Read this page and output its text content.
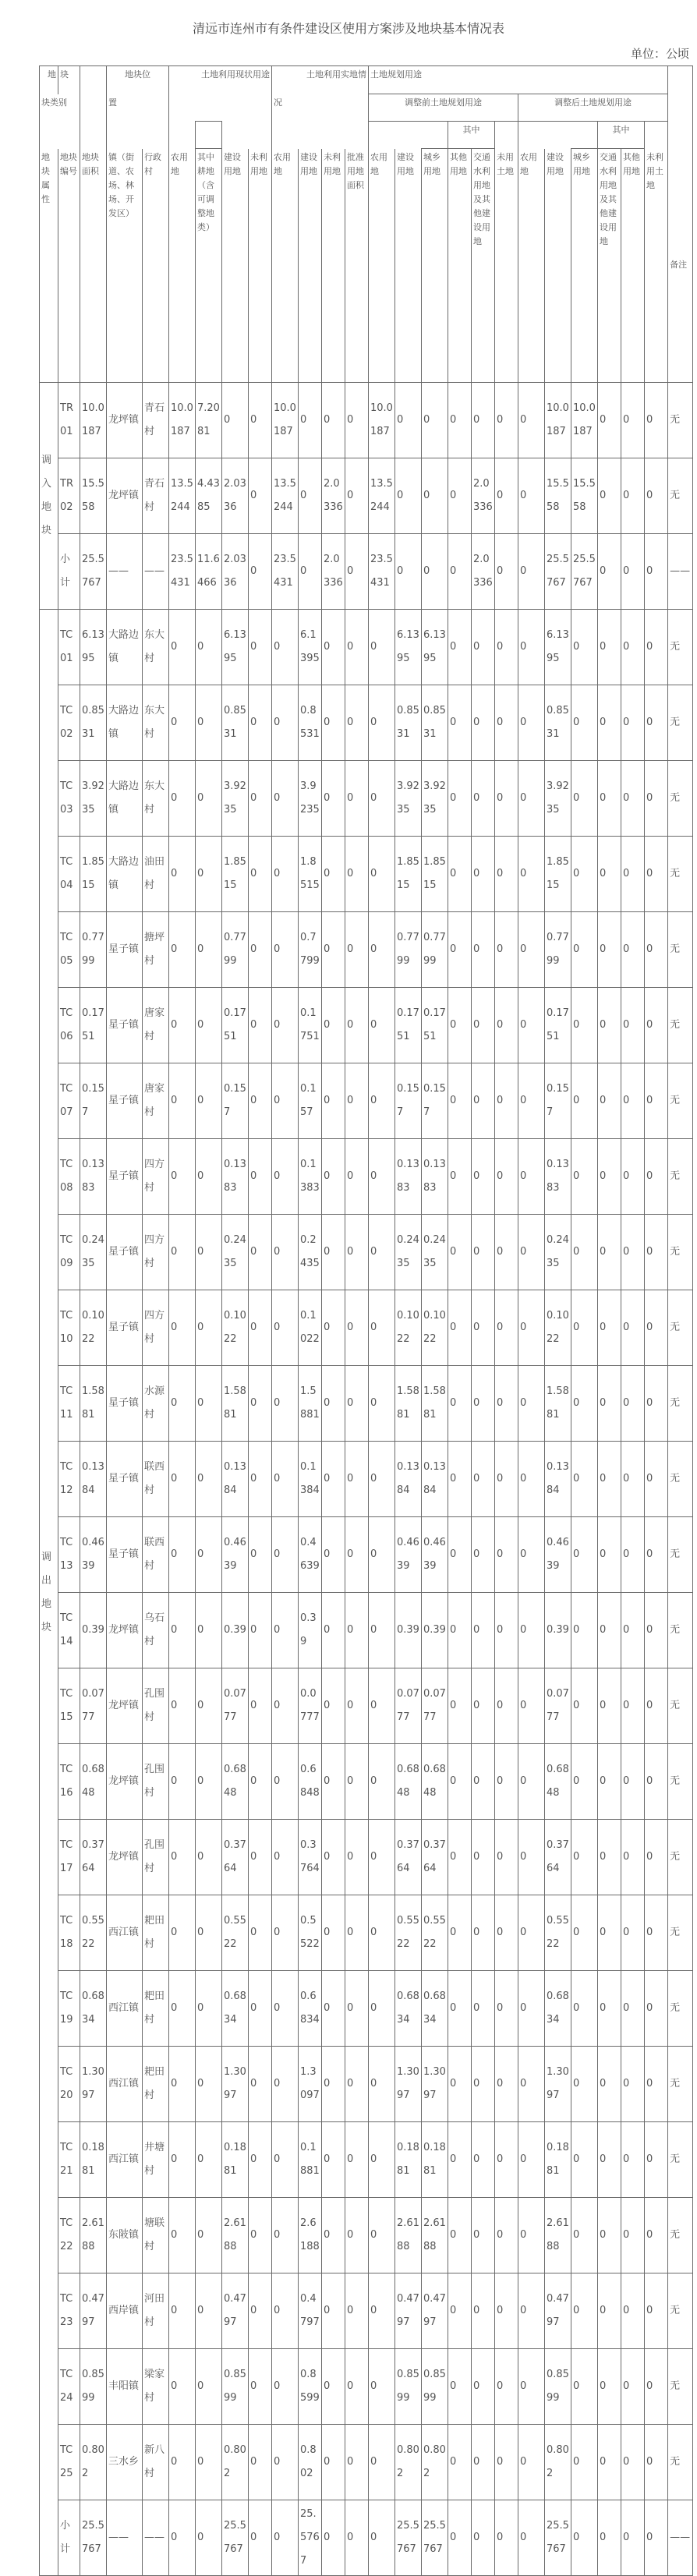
清远市连州市有条件建设区使用方案涉及地块基本情况表
单位：公顷
地	块		地块位		土地利用现状用途				土地利用实地情				土地规划用途												
块类别			置						况				调整前土地规划用途						调整后土地规划用途						
																其中						其中			
地块属性	地块编号	地块面积	镇（街道、农场、林场、开发区）	行政村	农用地	其中耕地（含可调整地类）	建设用地	未利用地	农用地	建设用地	未利用地	批准用地面积	农用地	建设用地	城乡用地	其他用地	交通水利用地及其他建设用地	未用土地	农用地	建设用地	城乡用地	交通水利用地及其他建设用地	其他用地	未利用土地	备注
调入地块	TR01	10.0187	龙坪镇	青石村	10.0187	7.2081	0	0	10.0187	0	0	0	10.0187	0	0	0	0	0	0	10.0187	10.0187	0	0	0	无
	TR02	15.558	龙坪镇	青石村	13.5244	4.4385	2.0336	0	13.5244	0	2.0336	0	13.5244	0	0	0	2.0336	0	0	15.558	15.558	0	0	0	无
	小计	25.5767	——	——	23.5431	11.6466	2.0336	0	23.5431	0	2.0336	0	23.5431	0	0	0	2.0336	0	0	25.5767	25.5767	0	0	0	——
调出地块	TC01	6.1395	大路边镇	东大村	0	0	6.1395	0	0	6.1395	0	0	0	6.1395	6.1395	0	0	0	0	6.1395	0	0	0	0	无
	TC02	0.8531	大路边镇	东大村	0	0	0.8531	0	0	0.8531	0	0	0	0.8531	0.8531	0	0	0	0	0.8531	0	0	0	0	无
	TC03	3.9235	大路边镇	东大村	0	0	3.9235	0	0	3.9235	0	0	0	3.9235	3.9235	0	0	0	0	3.9235	0	0	0	0	无
	TC04	1.8515	大路边镇	油田村	0	0	1.8515	0	0	1.8515	0	0	0	1.8515	1.8515	0	0	0	0	1.8515	0	0	0	0	无
	TC05	0.7799	星子镇	搪坪村	0	0	0.7799	0	0	0.7799	0	0	0	0.7799	0.7799	0	0	0	0	0.7799	0	0	0	0	无
	TC06	0.1751	星子镇	唐家村	0	0	0.1751	0	0	0.1751	0	0	0	0.1751	0.1751	0	0	0	0	0.1751	0	0	0	0	无
	TC07	0.157	星子镇	唐家村	0	0	0.157	0	0	0.157	0	0	0	0.157	0.157	0	0	0	0	0.157	0	0	0	0	无
	TC08	0.1383	星子镇	四方村	0	0	0.1383	0	0	0.1383	0	0	0	0.1383	0.1383	0	0	0	0	0.1383	0	0	0	0	无
	TC09	0.2435	星子镇	四方村	0	0	0.2435	0	0	0.2435	0	0	0	0.2435	0.2435	0	0	0	0	0.2435	0	0	0	0	无
	TC10	0.1022	星子镇	四方村	0	0	0.1022	0	0	0.1022	0	0	0	0.1022	0.1022	0	0	0	0	0.1022	0	0	0	0	无
	TC11	1.5881	星子镇	水源村	0	0	1.5881	0	0	1.5881	0	0	0	1.5881	1.5881	0	0	0	0	1.5881	0	0	0	0	无
	TC12	0.1384	星子镇	联西村	0	0	0.1384	0	0	0.1384	0	0	0	0.1384	0.1384	0	0	0	0	0.1384	0	0	0	0	无
	TC13	0.4639	星子镇	联西村	0	0	0.4639	0	0	0.4639	0	0	0	0.4639	0.4639	0	0	0	0	0.4639	0	0	0	0	无
	TC14	0.39	龙坪镇	乌石村	0	0	0.39	0	0	0.39	0	0	0	0.39	0.39	0	0	0	0	0.39	0	0	0	0	无
	TC15	0.0777	龙坪镇	孔围村	0	0	0.0777	0	0	0.0777	0	0	0	0.0777	0.0777	0	0	0	0	0.0777	0	0	0	0	无
	TC16	0.6848	龙坪镇	孔围村	0	0	0.6848	0	0	0.6848	0	0	0	0.6848	0.6848	0	0	0	0	0.6848	0	0	0	0	无
	TC17	0.3764	龙坪镇	孔围村	0	0	0.3764	0	0	0.3764	0	0	0	0.3764	0.3764	0	0	0	0	0.3764	0	0	0	0	无
	TC18	0.5522	西江镇	耙田村	0	0	0.5522	0	0	0.5522	0	0	0	0.5522	0.5522	0	0	0	0	0.5522	0	0	0	0	无
	TC19	0.6834	西江镇	耙田村	0	0	0.6834	0	0	0.6834	0	0	0	0.6834	0.6834	0	0	0	0	0.6834	0	0	0	0	无
	TC20	1.3097	西江镇	耙田村	0	0	1.3097	0	0	1.3097	0	0	0	1.3097	1.3097	0	0	0	0	1.3097	0	0	0	0	无
	TC21	0.1881	西江镇	井塘村	0	0	0.1881	0	0	0.1881	0	0	0	0.1881	0.1881	0	0	0	0	0.1881	0	0	0	0	无
	TC22	2.6188	东陂镇	塘联村	0	0	2.6188	0	0	2.6188	0	0	0	2.6188	2.6188	0	0	0	0	2.6188	0	0	0	0	无
	TC23	0.4797	西岸镇	河田村	0	0	0.4797	0	0	0.4797	0	0	0	0.4797	0.4797	0	0	0	0	0.4797	0	0	0	0	无
	TC24	0.8599	丰阳镇	梁家村	0	0	0.8599	0	0	0.8599	0	0	0	0.8599	0.8599	0	0	0	0	0.8599	0	0	0	0	无
	TC25	0.802	三水乡	新八村	0	0	0.802	0	0	0.802	0	0	0	0.802	0.802	0	0	0	0	0.802	0	0	0	0	无
	小计	25.5767	——	——	0	0	25.5767	0	0	25.5767	0	0	0	25.5767	25.5767	0	0	0	0	25.5767	0	0	0	0	——
